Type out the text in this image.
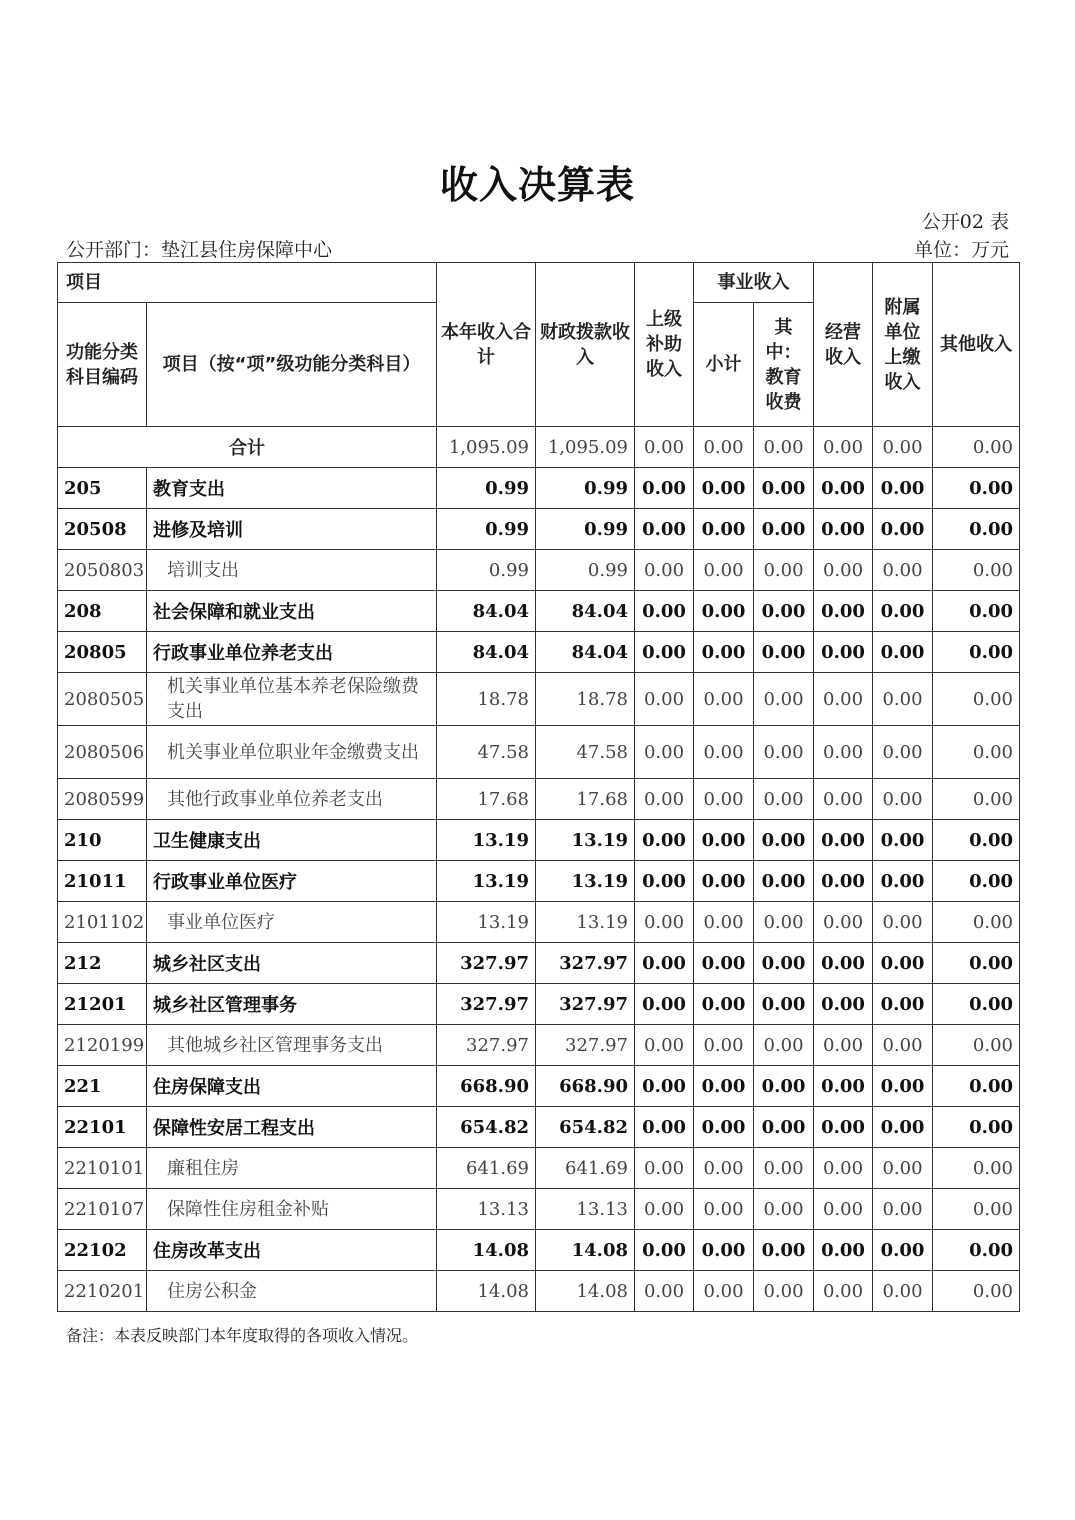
收入决算表
公开02 表
公开部门：垫江县住房保障中心	单位：万元
项目		本年收入合计	财政拨款收入	上级补助收入	事业收入		经营收入	附属单位上缴收入	其他收入
功能分类科目编码	项目（按“项”级功能分类科目）				小计	其中：教育收费			
合计		1,095.09	1,095.09	0.00	0.00	0.00	0.00	0.00	0.00
205	教育支出	0.99	0.99	0.00	0.00	0.00	0.00	0.00	0.00
20508	进修及培训	0.99	0.99	0.00	0.00	0.00	0.00	0.00	0.00
2050803	培训支出	0.99	0.99	0.00	0.00	0.00	0.00	0.00	0.00
208	社会保障和就业支出	84.04	84.04	0.00	0.00	0.00	0.00	0.00	0.00
20805	行政事业单位养老支出	84.04	84.04	0.00	0.00	0.00	0.00	0.00	0.00
2080505	机关事业单位基本养老保险缴费支出	18.78	18.78	0.00	0.00	0.00	0.00	0.00	0.00
2080506	机关事业单位职业年金缴费支出	47.58	47.58	0.00	0.00	0.00	0.00	0.00	0.00
2080599	其他行政事业单位养老支出	17.68	17.68	0.00	0.00	0.00	0.00	0.00	0.00
210	卫生健康支出	13.19	13.19	0.00	0.00	0.00	0.00	0.00	0.00
21011	行政事业单位医疗	13.19	13.19	0.00	0.00	0.00	0.00	0.00	0.00
2101102	事业单位医疗	13.19	13.19	0.00	0.00	0.00	0.00	0.00	0.00
212	城乡社区支出	327.97	327.97	0.00	0.00	0.00	0.00	0.00	0.00
21201	城乡社区管理事务	327.97	327.97	0.00	0.00	0.00	0.00	0.00	0.00
2120199	其他城乡社区管理事务支出	327.97	327.97	0.00	0.00	0.00	0.00	0.00	0.00
221	住房保障支出	668.90	668.90	0.00	0.00	0.00	0.00	0.00	0.00
22101	保障性安居工程支出	654.82	654.82	0.00	0.00	0.00	0.00	0.00	0.00
2210101	廉租住房	641.69	641.69	0.00	0.00	0.00	0.00	0.00	0.00
2210107	保障性住房租金补贴	13.13	13.13	0.00	0.00	0.00	0.00	0.00	0.00
22102	住房改革支出	14.08	14.08	0.00	0.00	0.00	0.00	0.00	0.00
2210201	住房公积金	14.08	14.08	0.00	0.00	0.00	0.00	0.00	0.00
备注：本表反映部门本年度取得的各项收入情况。
